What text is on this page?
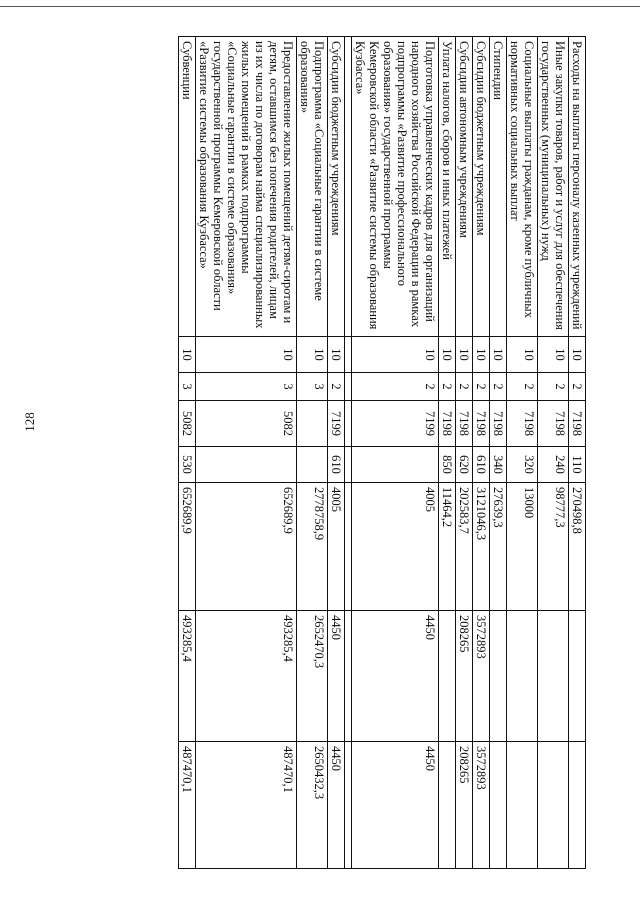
128
Расходы на выплаты персоналу казенных учреждений	10	2	7198	110	270498,8		
Иные закупки товаров, работ и услуг для обеспечения государственных (муниципальных) нужд	10	2	7198	240	98777,3		
Социальные выплаты гражданам, кроме публичных нормативных социальных выплат	10	2	7198	320	13000		
Стипендии	10	2	7198	340	27639,3		
Субсидии бюджетным учреждениям	10	2	7198	610	3121046,3	3572893	3572893
Субсидии автономным учреждениям	10	2	7198	620	202583,7	208265	208265
Уплата налогов, сборов и иных платежей	10	2	7198	850	11464,2		
Подготовка управленческих кадров для организаций народного хозяйства Российской Федерации в рамках подпрограммы «Развитие профессионального образования» государственной программы Кемеровской области «Развитие системы образования Кузбасса»	10	2	7199		4005	4450	4450

Субсидии бюджетным учреждениям	10	2	7199	610	4005	4450	4450
Подпрограмма «Социальные гарантии в системе образования»	10	3			2778758,9	2652470,3	2650432,3
Предоставление жилых помещений детям-сиротам и детям, оставшимся без попечения родителей, лицам из их числа по договорам найма специализированных жилых помещений в рамках подпрограммы «Социальные гарантии в системе образования» государственной программы Кемеровской области «Развитие системы образования Кузбасса»	10	3	5082		652689,9	493285,4	487470,1
Субвенции	10	3	5082	530	652689,9	493285,4	487470,1
